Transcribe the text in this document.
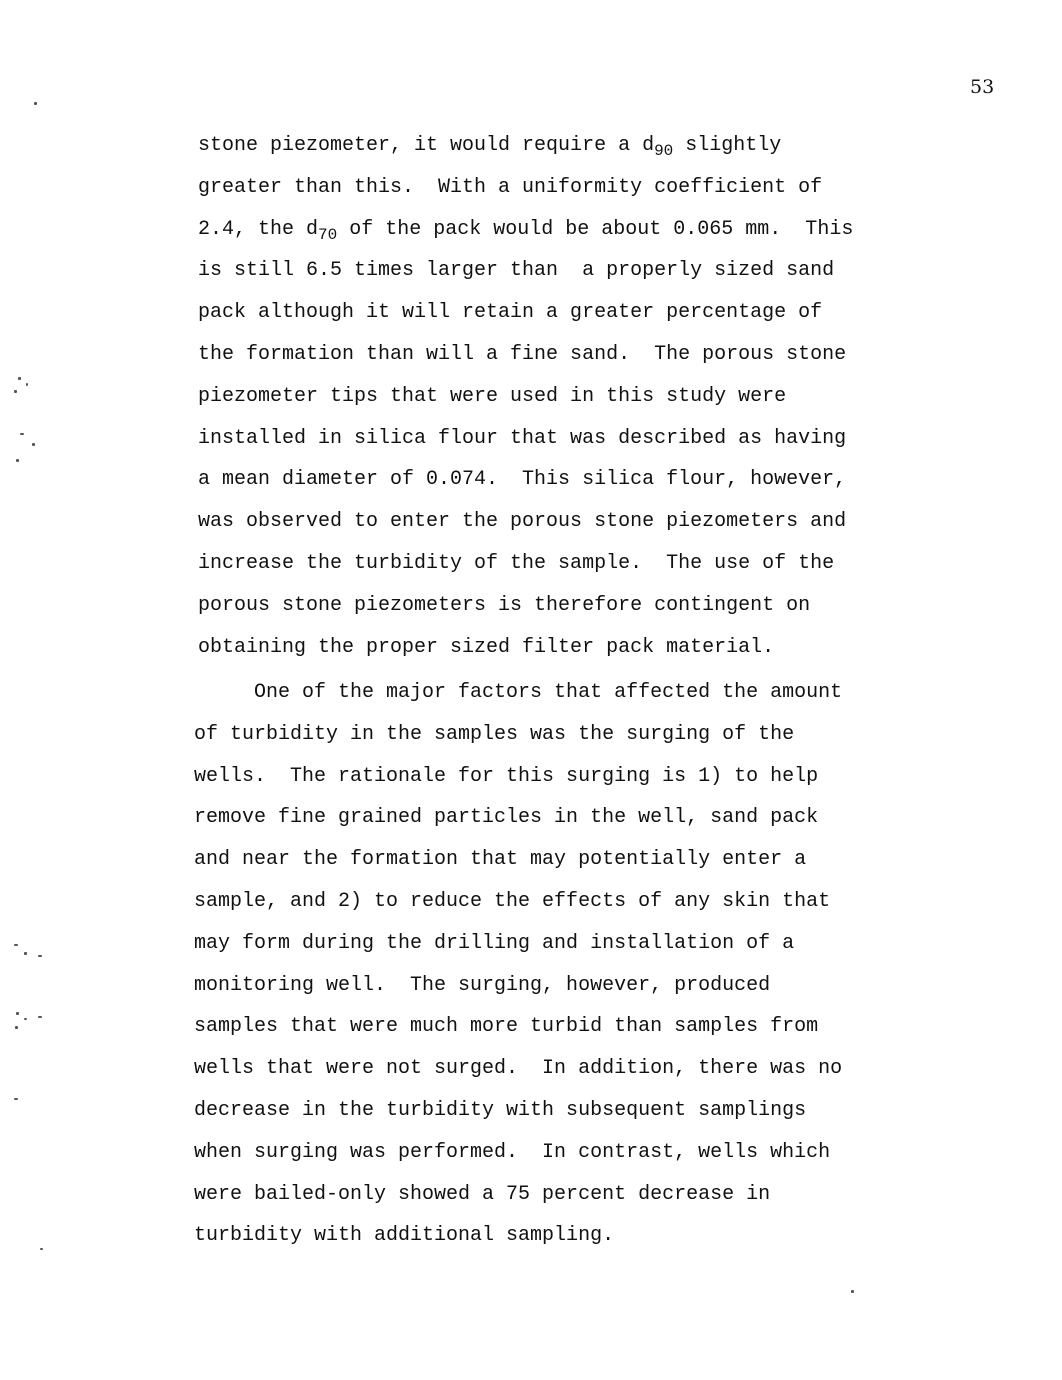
53
stone piezometer, it would require a $d_{90}$ slightly
greater than this.  With a uniformity coefficient of
2.4, the $d_{70}$ of the pack would be about 0.065 mm.  This
is still 6.5 times larger than  a properly sized sand
pack although it will retain a greater percentage of
the formation than will a fine sand.  The porous stone
piezometer tips that were used in this study were
installed in silica flour that was described as having
a mean diameter of 0.074.  This silica flour, however,
was observed to enter the porous stone piezometers and
increase the turbidity of the sample.  The use of the
porous stone piezometers is therefore contingent on
obtaining the proper sized filter pack material.
One of the major factors that affected the amount
of turbidity in the samples was the surging of the
wells.  The rationale for this surging is 1) to help
remove fine grained particles in the well, sand pack
and near the formation that may potentially enter a
sample, and 2) to reduce the effects of any skin that
may form during the drilling and installation of a
monitoring well.  The surging, however, produced
samples that were much more turbid than samples from
wells that were not surged.  In addition, there was no
decrease in the turbidity with subsequent samplings
when surging was performed.  In contrast, wells which
were bailed-only showed a 75 percent decrease in
turbidity with additional sampling.
